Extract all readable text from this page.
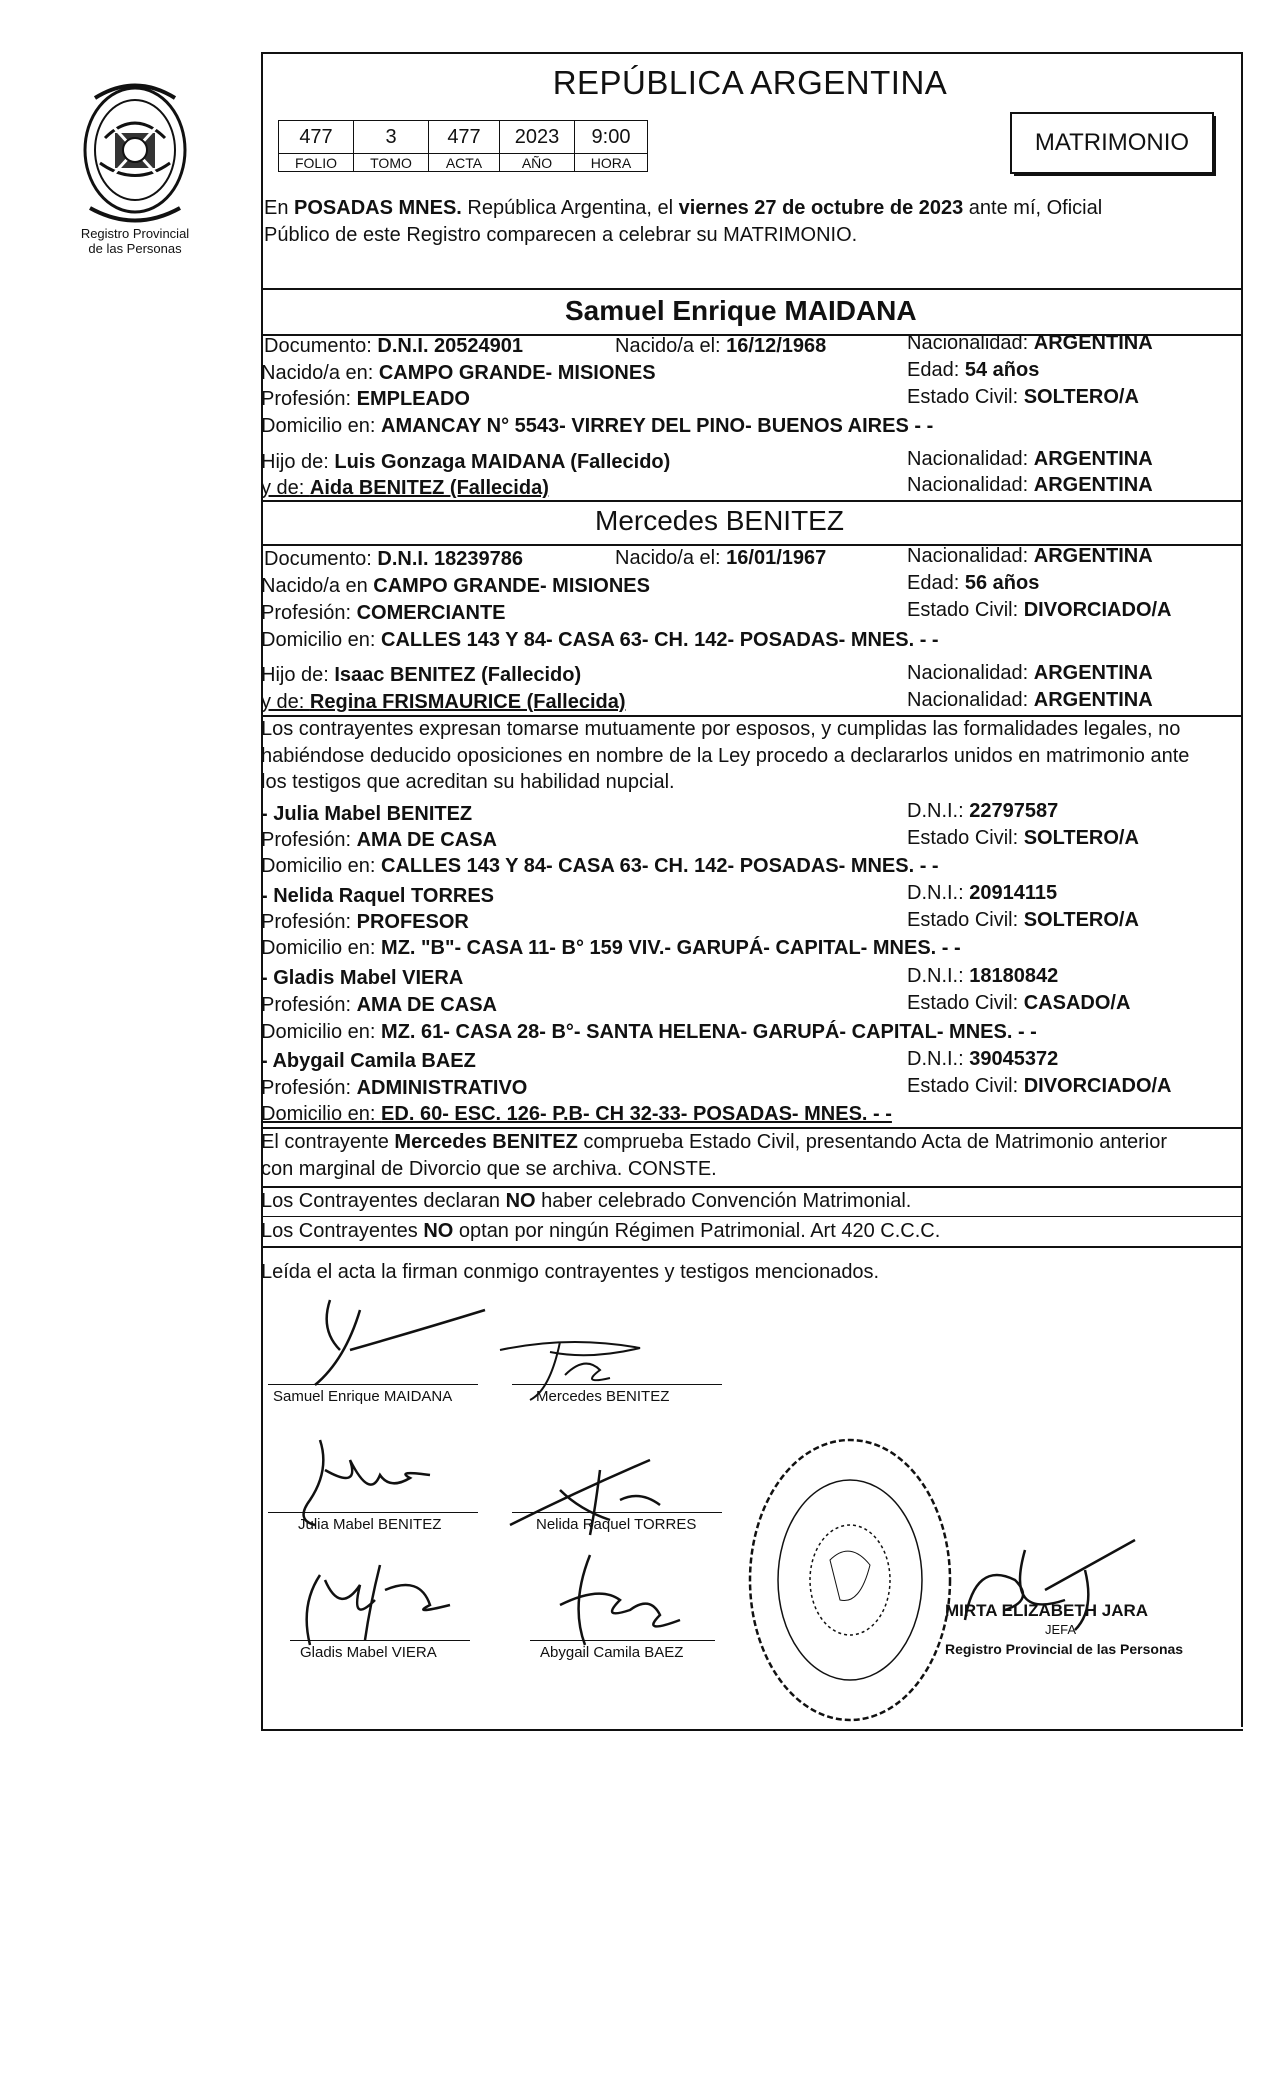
Registro Provincial
de las Personas
REPÚBLICA ARGENTINA
477	3	477	2023	9:00
FOLIO	TOMO	ACTA	AÑO	HORA
MATRIMONIO
En POSADAS MNES. República Argentina, el viernes 27 de octubre de 2023 ante mí, Oficial
Público de este Registro comparecen a celebrar su MATRIMONIO.
Samuel Enrique MAIDANA
Documento: D.N.I. 20524901	Nacido/a el: 16/12/1968	Nacionalidad: ARGENTINA
Nacido/a en: CAMPO GRANDE- MISIONES	Edad: 54 años
Profesión: EMPLEADO	Estado Civil: SOLTERO/A
Domicilio en: AMANCAY N° 5543- VIRREY DEL PINO- BUENOS AIRES - -
Hijo de: Luis Gonzaga MAIDANA (Fallecido)	Nacionalidad: ARGENTINA
y de: Aida BENITEZ (Fallecida)	Nacionalidad: ARGENTINA
Mercedes BENITEZ
Documento: D.N.I. 18239786	Nacido/a el: 16/01/1967	Nacionalidad: ARGENTINA
Nacido/a en CAMPO GRANDE- MISIONES	Edad: 56 años
Profesión: COMERCIANTE	Estado Civil: DIVORCIADO/A
Domicilio en: CALLES 143 Y 84- CASA 63- CH. 142- POSADAS- MNES. - -
Hijo de: Isaac BENITEZ (Fallecido)	Nacionalidad: ARGENTINA
y de: Regina FRISMAURICE (Fallecida)	Nacionalidad: ARGENTINA
Los contrayentes expresan tomarse mutuamente por esposos, y cumplidas las formalidades legales, no
habiéndose deducido oposiciones en nombre de la Ley procedo a declararlos unidos en matrimonio ante
los testigos que acreditan su habilidad nupcial.
- Julia Mabel BENITEZ	D.N.I.: 22797587
Profesión: AMA DE CASA	Estado Civil: SOLTERO/A
Domicilio en: CALLES 143 Y 84- CASA 63- CH. 142- POSADAS- MNES. - -
- Nelida Raquel TORRES	D.N.I.: 20914115
Profesión: PROFESOR	Estado Civil: SOLTERO/A
Domicilio en: MZ. "B"- CASA 11- B° 159 VIV.- GARUPÁ- CAPITAL- MNES. - -
- Gladis Mabel VIERA	D.N.I.: 18180842
Profesión: AMA DE CASA	Estado Civil: CASADO/A
Domicilio en: MZ. 61- CASA 28- B°- SANTA HELENA- GARUPÁ- CAPITAL- MNES. - -
- Abygail Camila BAEZ	D.N.I.: 39045372
Profesión: ADMINISTRATIVO	Estado Civil: DIVORCIADO/A
Domicilio en: ED. 60- ESC. 126- P.B- CH 32-33- POSADAS- MNES. - -
El contrayente Mercedes BENITEZ comprueba Estado Civil, presentando Acta de Matrimonio anterior
con marginal de Divorcio que se archiva. CONSTE.
Los Contrayentes declaran NO haber celebrado Convención Matrimonial.
Los Contrayentes NO optan por ningún Régimen Patrimonial. Art 420 C.C.C.
Leída el acta la firman conmigo contrayentes y testigos mencionados.
Samuel Enrique MAIDANA	Mercedes BENITEZ
Julia Mabel BENITEZ	Nelida Raquel TORRES
Gladis Mabel VIERA	Abygail Camila BAEZ
MIRTA ELIZABETH JARA
JEFA
Registro Provincial de las Personas
